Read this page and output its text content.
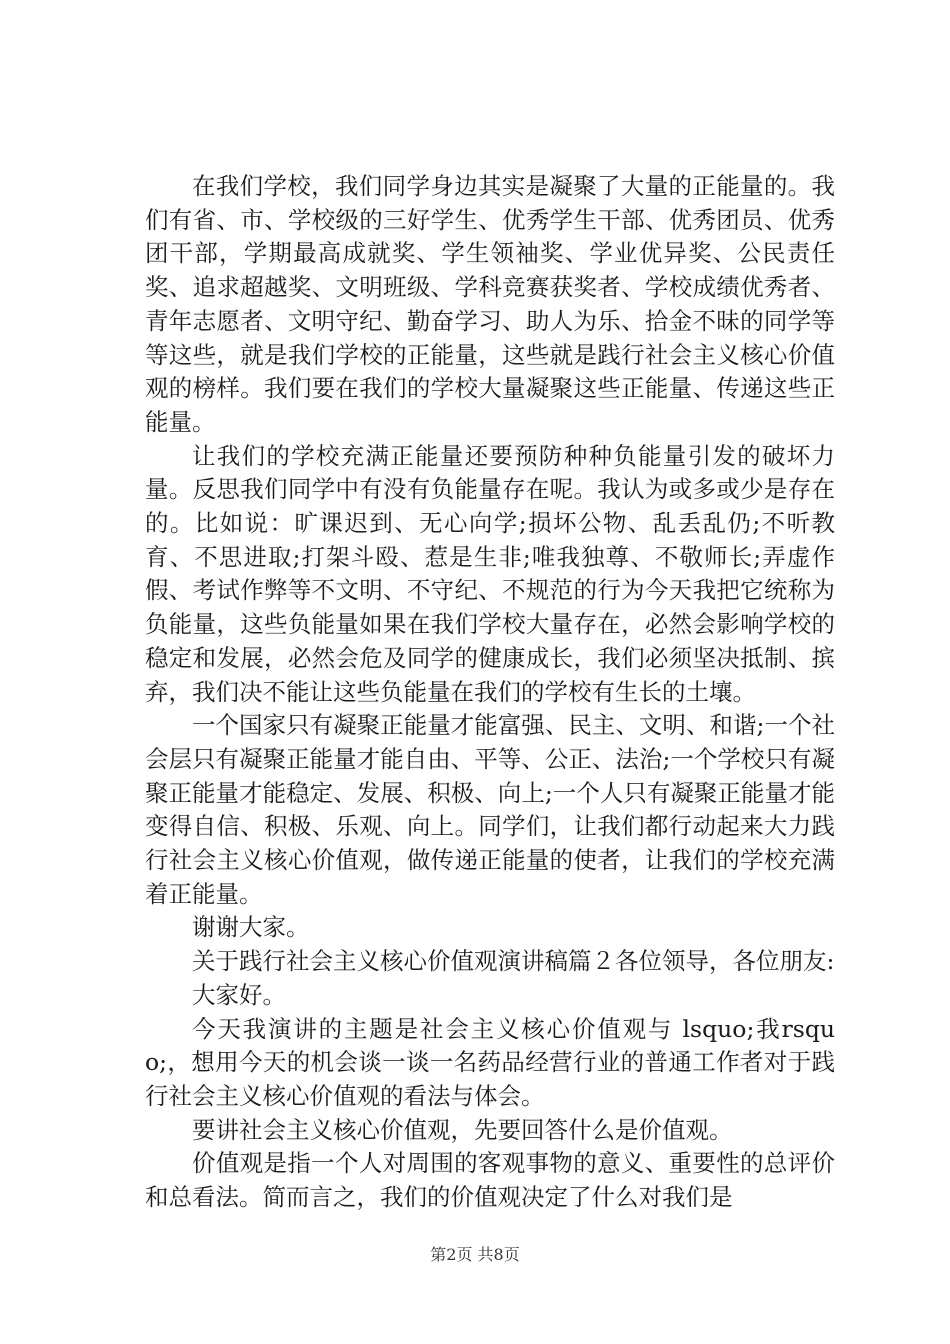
在我们学校，我们同学身边其实是凝聚了大量的正能量的。我们有省、市、学校级的三好学生、优秀学生干部、优秀团员、优秀团干部，学期最高成就奖、学生领袖奖、学业优异奖、公民责任奖、追求超越奖、文明班级、学科竞赛获奖者、学校成绩优秀者、青年志愿者、文明守纪、勤奋学习、助人为乐、拾金不昧的同学等等这些，就是我们学校的正能量，这些就是践行社会主义核心价值观的榜样。我们要在我们的学校大量凝聚这些正能量、传递这些正能量。

让我们的学校充满正能量还要预防种种负能量引发的破坏力量。反思我们同学中有没有负能量存在呢。我认为或多或少是存在的。比如说：旷课迟到、无心向学;损坏公物、乱丢乱仍;不听教育、不思进取;打架斗殴、惹是生非;唯我独尊、不敬师长;弄虚作假、考试作弊等不文明、不守纪、不规范的行为今天我把它统称为负能量，这些负能量如果在我们学校大量存在，必然会影响学校的稳定和发展，必然会危及同学的健康成长，我们必须坚决抵制、摈弃，我们决不能让这些负能量在我们的学校有生长的土壤。

一个国家只有凝聚正能量才能富强、民主、文明、和谐;一个社会层只有凝聚正能量才能自由、平等、公正、法治;一个学校只有凝聚正能量才能稳定、发展、积极、向上;一个人只有凝聚正能量才能变得自信、积极、乐观、向上。同学们，让我们都行动起来大力践行社会主义核心价值观，做传递正能量的使者，让我们的学校充满着正能量。

谢谢大家。

关于践行社会主义核心价值观演讲稿篇２各位领导，各位朋友:

大家好。

今天我演讲的主题是社会主义核心价值观与 lsquo;我rsquo;，想用今天的机会谈一谈一名药品经营行业的普通工作者对于践行社会主义核心价值观的看法与体会。

要讲社会主义核心价值观，先要回答什么是价值观。

价值观是指一个人对周围的客观事物的意义、重要性的总评价和总看法。简而言之，我们的价值观决定了什么对我们是

第2页 共8页
